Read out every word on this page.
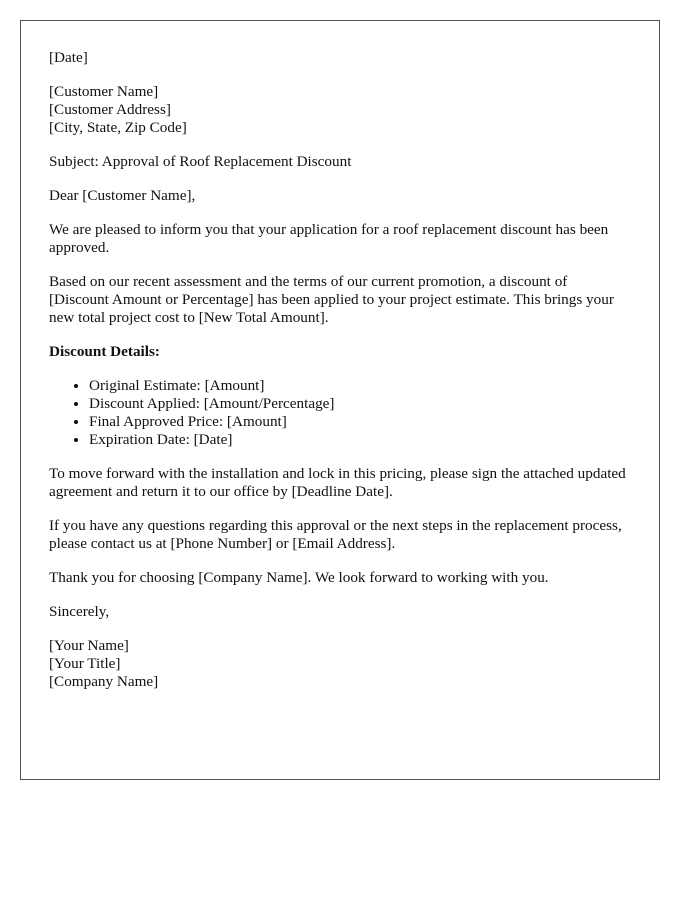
[Date]

[Customer Name]
[Customer Address]
[City, State, Zip Code]

Subject: Approval of Roof Replacement Discount

Dear [Customer Name],

We are pleased to inform you that your application for a roof replacement discount has been approved.

Based on our recent assessment and the terms of our current promotion, a discount of [Discount Amount or Percentage] has been applied to your project estimate. This brings your new total project cost to [New Total Amount].

Discount Details:
• Original Estimate: [Amount]
• Discount Applied: [Amount/Percentage]
• Final Approved Price: [Amount]
• Expiration Date: [Date]

To move forward with the installation and lock in this pricing, please sign the attached updated agreement and return it to our office by [Deadline Date].

If you have any questions regarding this approval or the next steps in the replacement process, please contact us at [Phone Number] or [Email Address].

Thank you for choosing [Company Name]. We look forward to working with you.

Sincerely,

[Your Name]
[Your Title]
[Company Name]
